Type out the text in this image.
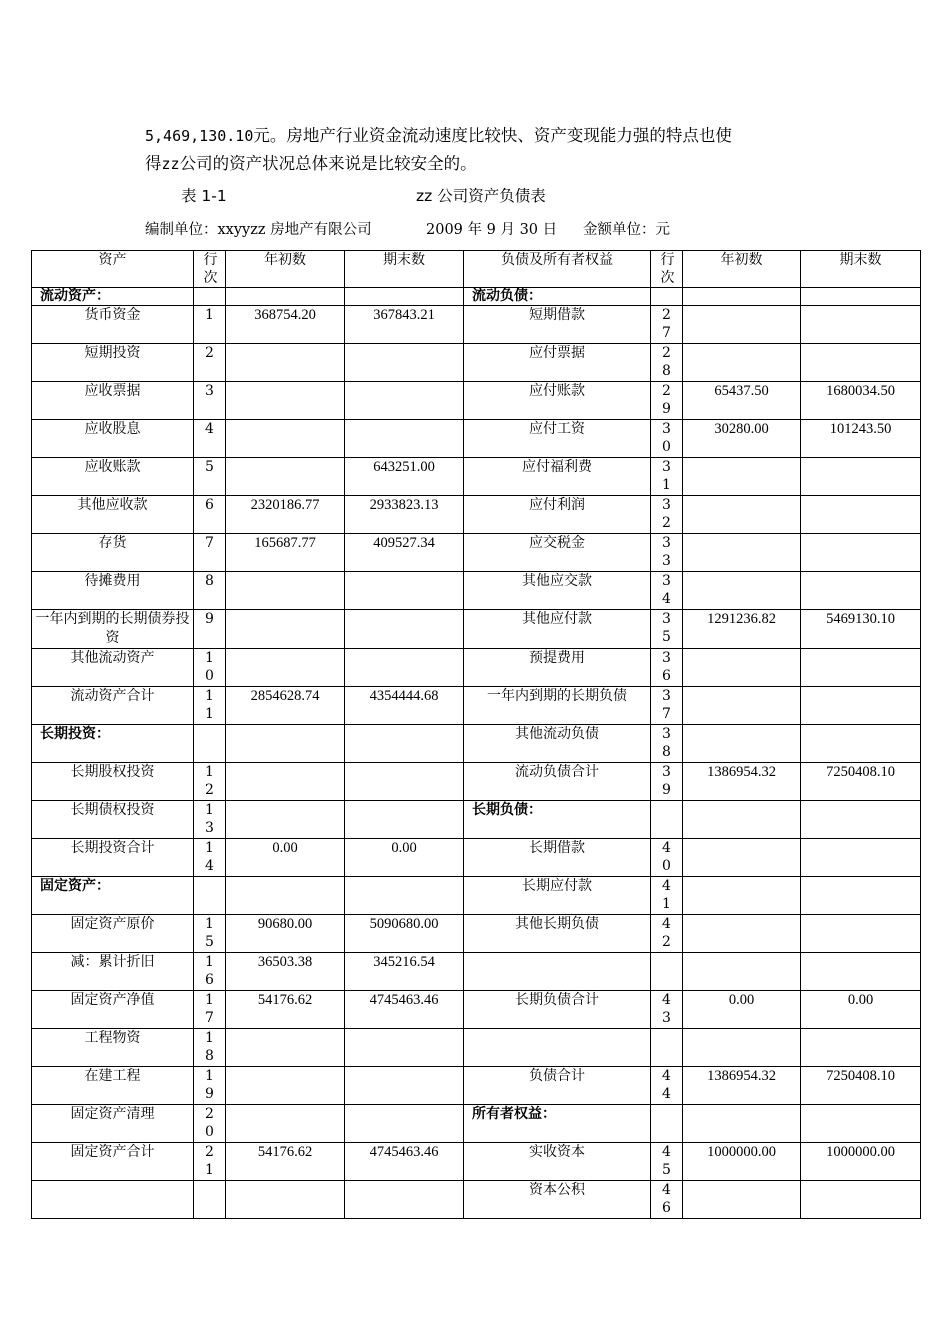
5,469,130.10元。房地产行业资金流动速度比较快、资产变现能力强的特点也使

得zz公司的资产状况总体来说是比较安全的。

表 1-1	zz 公司资产负债表
编制单位：xxyyzz 房地产有限公司	2009 年 9 月 30 日 金额单位：元
资产	行次	年初数	期末数	负债及所有者权益	行次	年初数	期末数
流动资产：				流动负债：	

货币资金	1	368754.20	367843.21	短期借款	27		

短期投资	2			应付票据	28		

应收票据	3			应付账款	29	65437.50	1680034.50
应收股息	4			应付工资	30	30280.00	101243.50
应收账款	5		643251.00	应付福利费	31		

其他应收款	6	2320186.77	2933823.13	应付利润	32		

存货	7	165687.77	409527.34	应交税金	33		

待摊费用	8			其他应交款	34		

一年内到期的长期债券投资	9			其他应付款	35	1291236.82	5469130.10
其他流动资产	10			预提费用	36		

流动资产合计	11	2854628.74	4354444.68	一年内到期的长期负债	37		

长期投资：				其他流动负债	38		

长期股权投资	12			流动负债合计	39	1386954.32	7250408.10
长期债权投资	13			长期负债：	

长期投资合计	14	0.00	0.00	长期借款	40		

固定资产：				长期应付款	41		

固定资产原价	15	90680.00	5090680.00	其他长期负债	42		

减：累计折旧	16	36503.38	345216.54		

固定资产净值	17	54176.62	4745463.46	长期负债合计	43	0.00	0.00
工程物资	18						

在建工程	19			负债合计	44	1386954.32	7250408.10
固定资产清理	20			所有者权益：	

固定资产合计	21	54176.62	4745463.46	实收资本	45	1000000.00	1000000.00

			资本公积	46		
